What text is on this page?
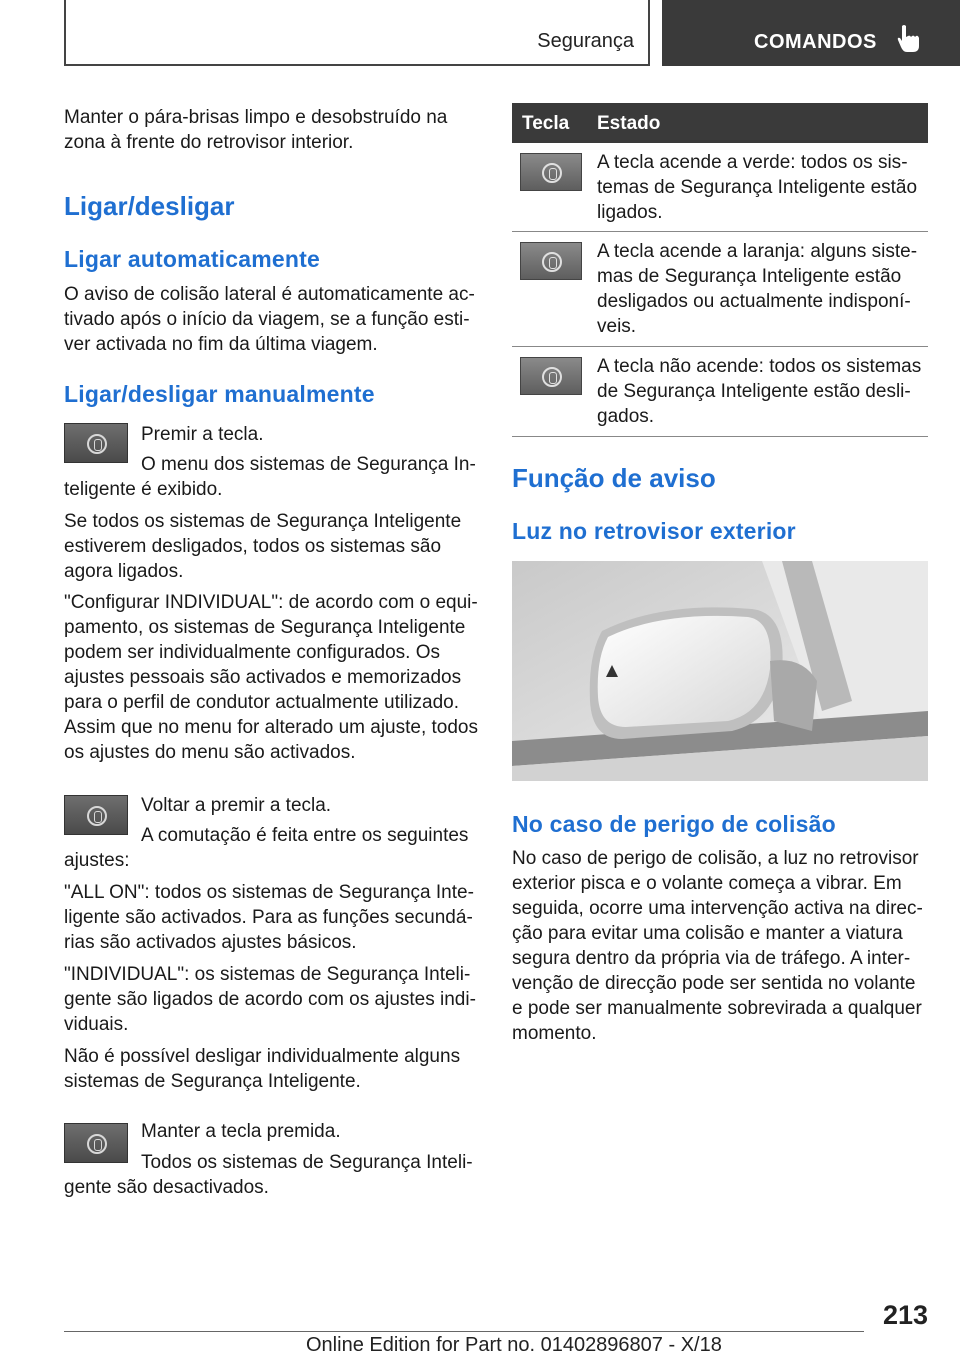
Segurança	COMANDOS
Manter o pára-brisas limpo e desobstruído na zona à frente do retrovisor interior.
Ligar/desligar
Ligar automaticamente
O aviso de colisão lateral é automaticamente activado após o início da viagem, se a função estiver activada no fim da última viagem.
Ligar/desligar manualmente
Premir a tecla.
O menu dos sistemas de Segurança Inteligente é exibido.
Se todos os sistemas de Segurança Inteligente estiverem desligados, todos os sistemas são agora ligados.
"Configurar INDIVIDUAL": de acordo com o equipamento, os sistemas de Segurança Inteligente podem ser individualmente configurados. Os ajustes pessoais são activados e memorizados para o perfil de condutor actualmente utilizado. Assim que no menu for alterado um ajuste, todos os ajustes do menu são activados.
Voltar a premir a tecla.
A comutação é feita entre os seguintes ajustes:
"ALL ON": todos os sistemas de Segurança Inteligente são activados. Para as funções secundárias são activados ajustes básicos.
"INDIVIDUAL": os sistemas de Segurança Inteligente são ligados de acordo com os ajustes individuais.
Não é possível desligar individualmente alguns sistemas de Segurança Inteligente.
Manter a tecla premida.
Todos os sistemas de Segurança Inteligente são desactivados.
Tecla Estado
A tecla acende a verde: todos os sistemas de Segurança Inteligente estão ligados.
A tecla acende a laranja: alguns sistemas de Segurança Inteligente estão desligados ou actualmente indisponíveis.
A tecla não acende: todos os sistemas de Segurança Inteligente estão desligados.
Função de aviso
Luz no retrovisor exterior
No caso de perigo de colisão
No caso de perigo de colisão, a luz no retrovisor exterior pisca e o volante começa a vibrar. Em seguida, ocorre uma intervenção activa na direcção para evitar uma colisão e manter a viatura segura dentro da própria via de tráfego. A intervenção de direcção pode ser sentida no volante e pode ser manualmente sobrevirada a qualquer momento.
213
Online Edition for Part no. 01402896807 - X/18
